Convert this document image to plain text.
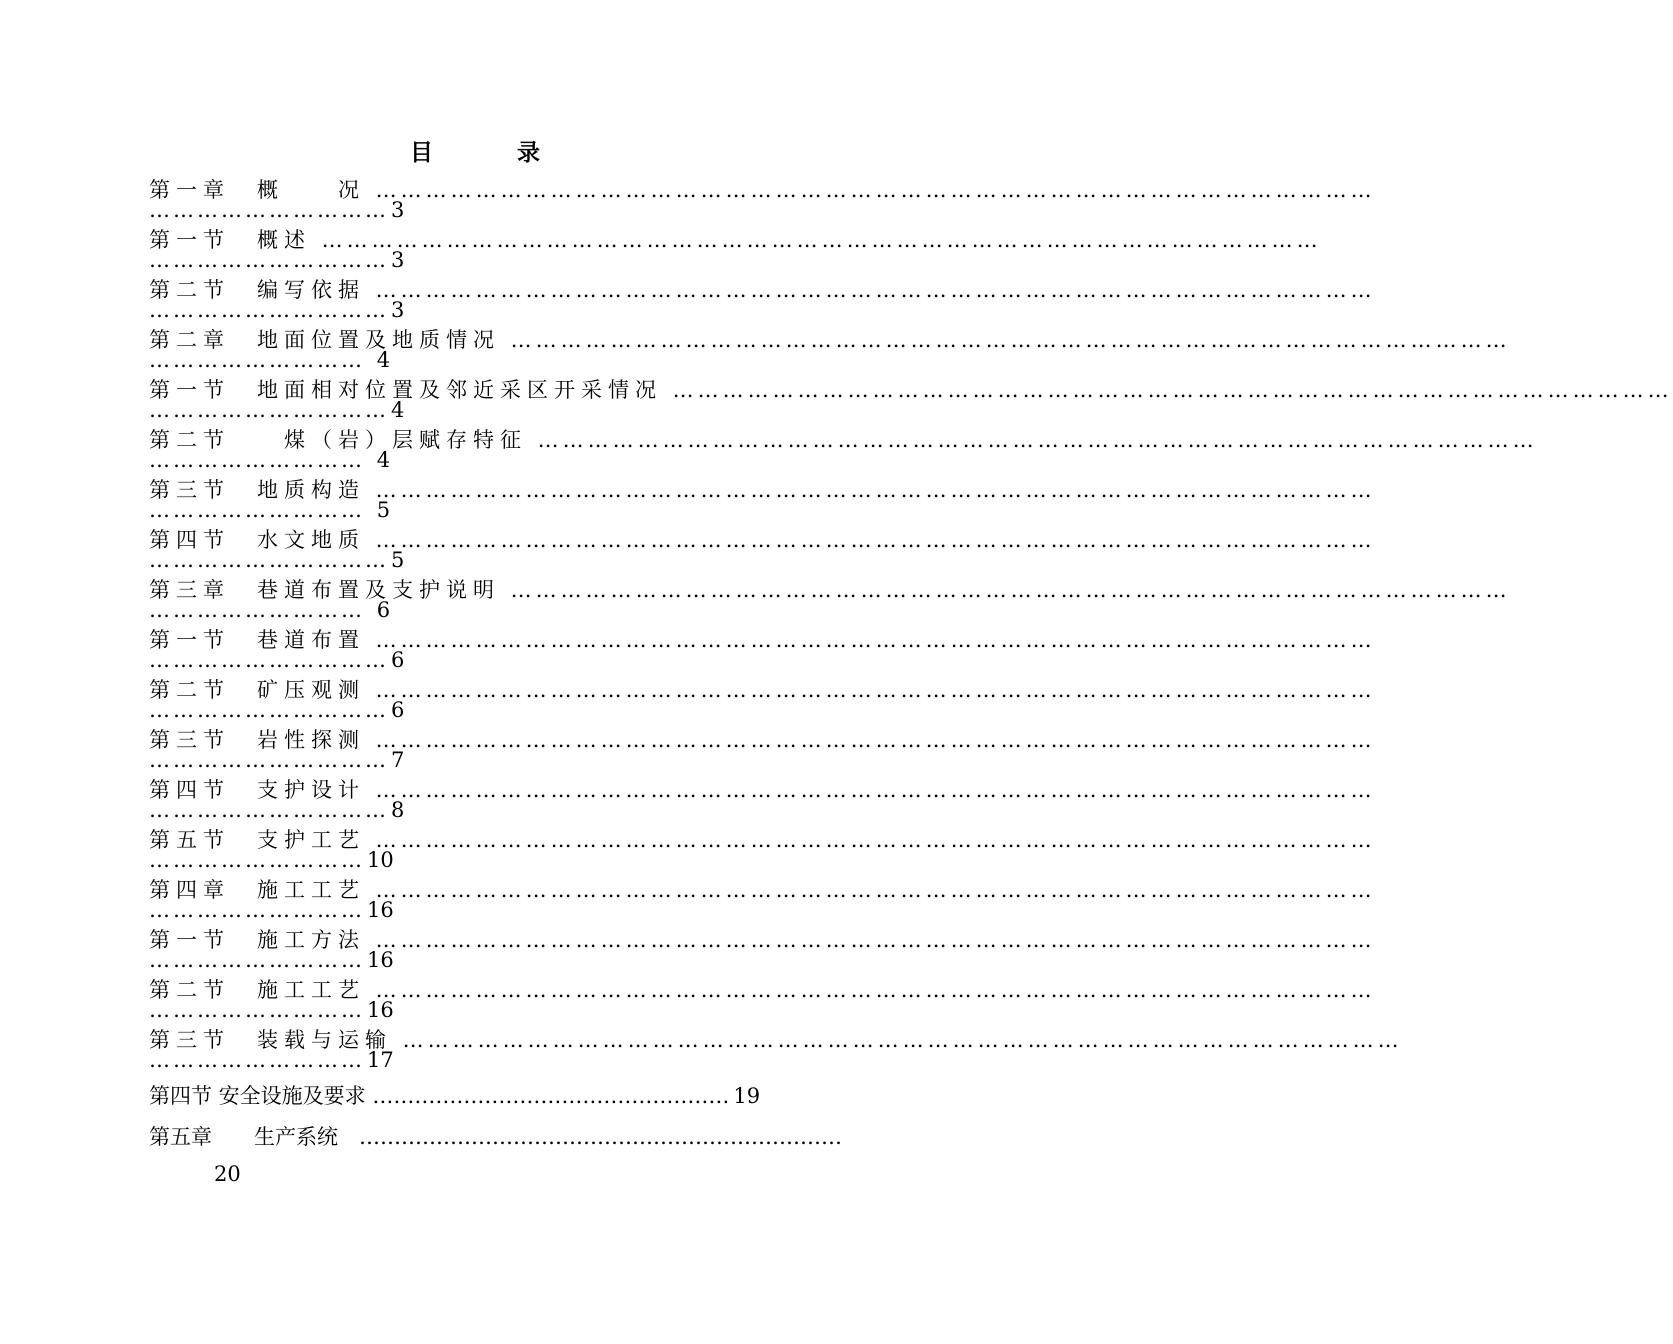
目	录
第一章　概　　况 …………………………………………………………………………………………………………
…………………………3
第一节　概述 …………………………………………………………………………………………………………
…………………………3
第二节　编写依据 …………………………………………………………………………………………………………
…………………………3
第二章　地面位置及地质情况 …………………………………………………………………………………………………………
……………………… 4
第一节　地面相对位置及邻近采区开采情况 …………………………………………………………………………………………………………
…………………………4
第二节　　煤（岩）层赋存特征 …………………………………………………………………………………………………………
……………………… 4
第三节　地质构造 …………………………………………………………………………………………………………
……………………… 5
第四节　水文地质 …………………………………………………………………………………………………………
…………………………5
第三章　巷道布置及支护说明 …………………………………………………………………………………………………………
……………………… 6
第一节　巷道布置 …………………………………………………………………………………………………………
…………………………6
第二节　矿压观测 …………………………………………………………………………………………………………
…………………………6
第三节　岩性探测 …………………………………………………………………………………………………………
…………………………7
第四节　支护设计 …………………………………………………………………………………………………………
…………………………8
第五节　支护工艺 …………………………………………………………………………………………………………
………………………10
第四章　施工工艺 …………………………………………………………………………………………………………
………………………16
第一节　施工方法 …………………………………………………………………………………………………………
………………………16
第二节　施工工艺 …………………………………………………………………………………………………………
………………………16
第三节　装载与运输 …………………………………………………………………………………………………………
………………………17
第四节 安全设施及要求 …………………………………………… 19
第五章　　生产系统　……………………………………………………………
20
